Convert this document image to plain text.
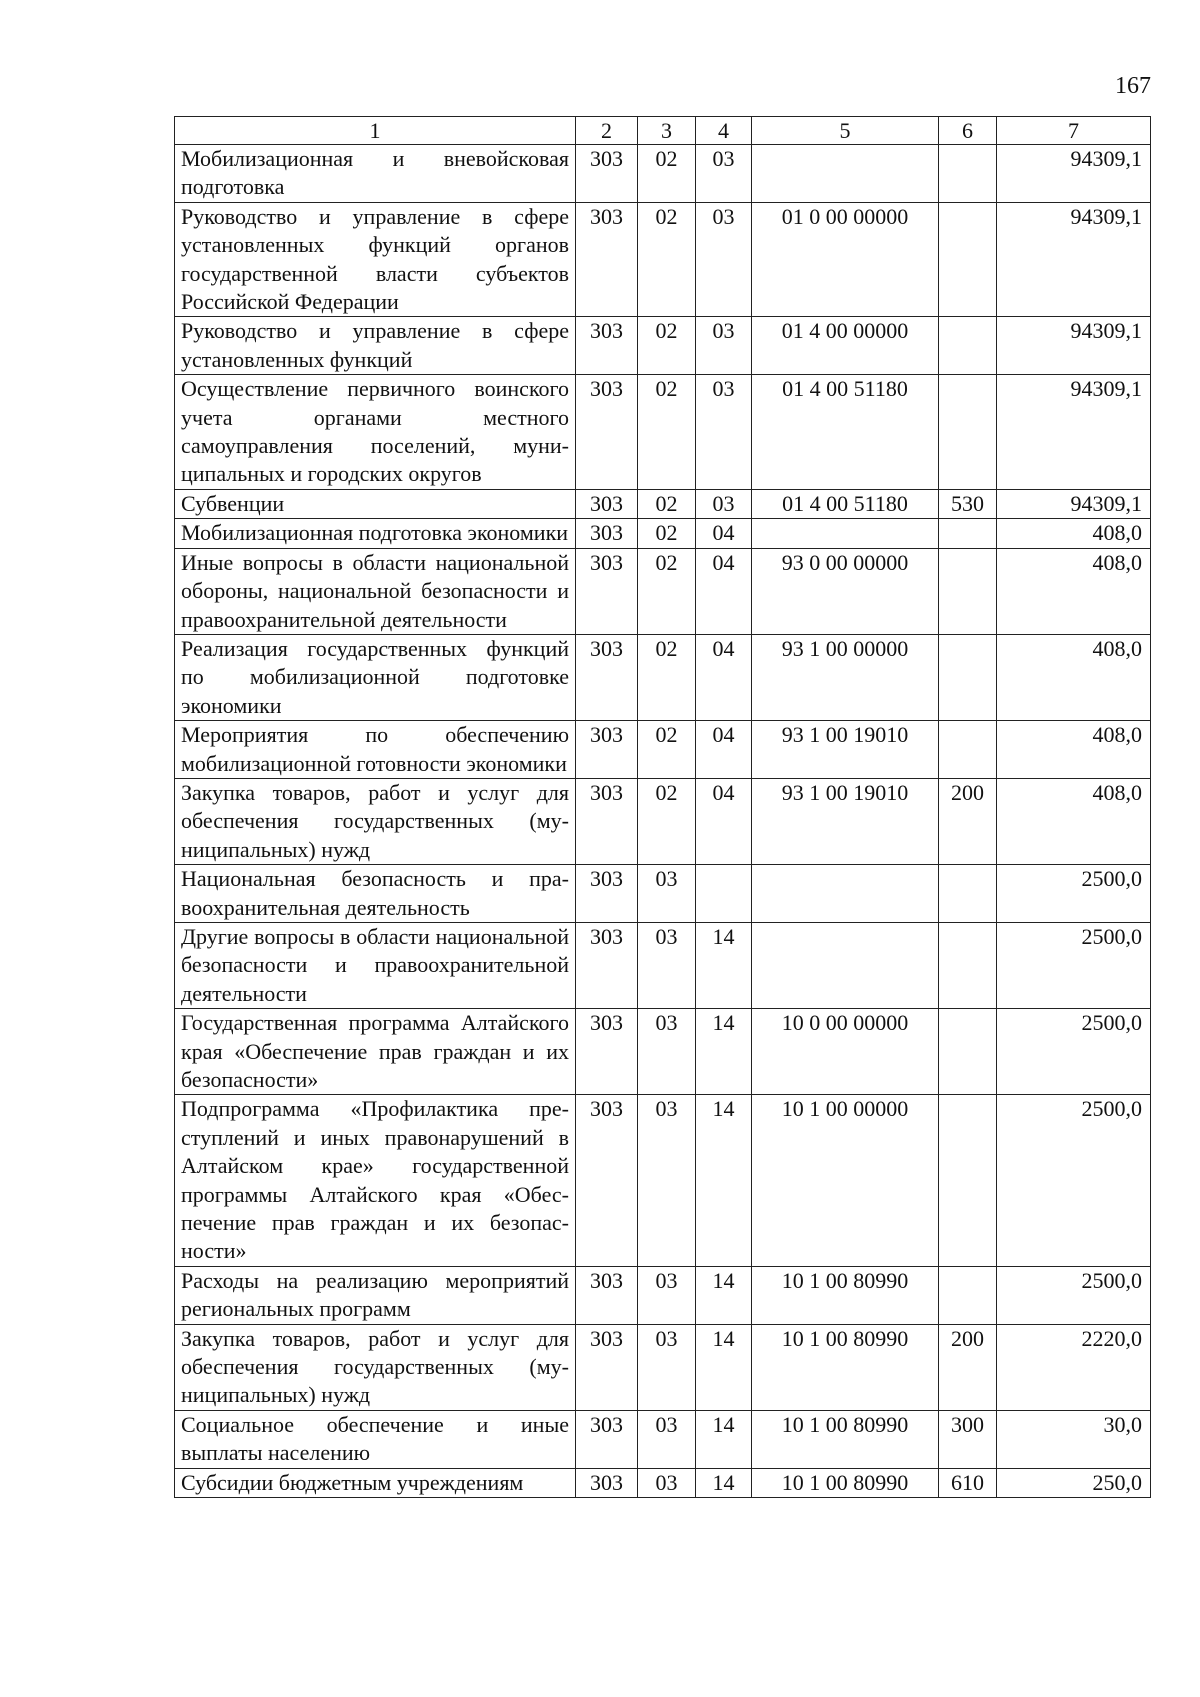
167
1	2	3	4	5	6	7
Мобилизационная и вневойсковая подготовка	303	02	03			94309,1
Руководство и управление в сфере установленных функций органов государственной власти субъектов Российской Федерации	303	02	03	01 0 00 00000		94309,1
Руководство и управление в сфере установленных функций	303	02	03	01 4 00 00000		94309,1
Осуществление первичного воинского учета органами местного самоуправления поселений, муниципальных и городских округов	303	02	03	01 4 00 51180		94309,1
Субвенции	303	02	03	01 4 00 51180	530	94309,1
Мобилизационная подготовка экономики	303	02	04			408,0
Иные вопросы в области национальной обороны, национальной безопасности и правоохранительной деятельности	303	02	04	93 0 00 00000		408,0
Реализация государственных функций по мобилизационной подготовке экономики	303	02	04	93 1 00 00000		408,0
Мероприятия по обеспечению мобилизационной готовности экономики	303	02	04	93 1 00 19010		408,0
Закупка товаров, работ и услуг для обеспечения государственных (муниципальных) нужд	303	02	04	93 1 00 19010	200	408,0
Национальная безопасность и правоохранительная деятельность	303	03				2500,0
Другие вопросы в области национальной безопасности и правоохранительной деятельности	303	03	14			2500,0
Государственная программа Алтайского края «Обеспечение прав граждан и их безопасности»	303	03	14	10 0 00 00000		2500,0
Подпрограмма «Профилактика преступлений и иных правонарушений в Алтайском крае» государственной программы Алтайского края «Обеспечение прав граждан и их безопасности»	303	03	14	10 1 00 00000		2500,0
Расходы на реализацию мероприятий региональных программ	303	03	14	10 1 00 80990		2500,0
Закупка товаров, работ и услуг для обеспечения государственных (муниципальных) нужд	303	03	14	10 1 00 80990	200	2220,0
Социальное обеспечение и иные выплаты населению	303	03	14	10 1 00 80990	300	30,0
Субсидии бюджетным учреждениям	303	03	14	10 1 00 80990	610	250,0
